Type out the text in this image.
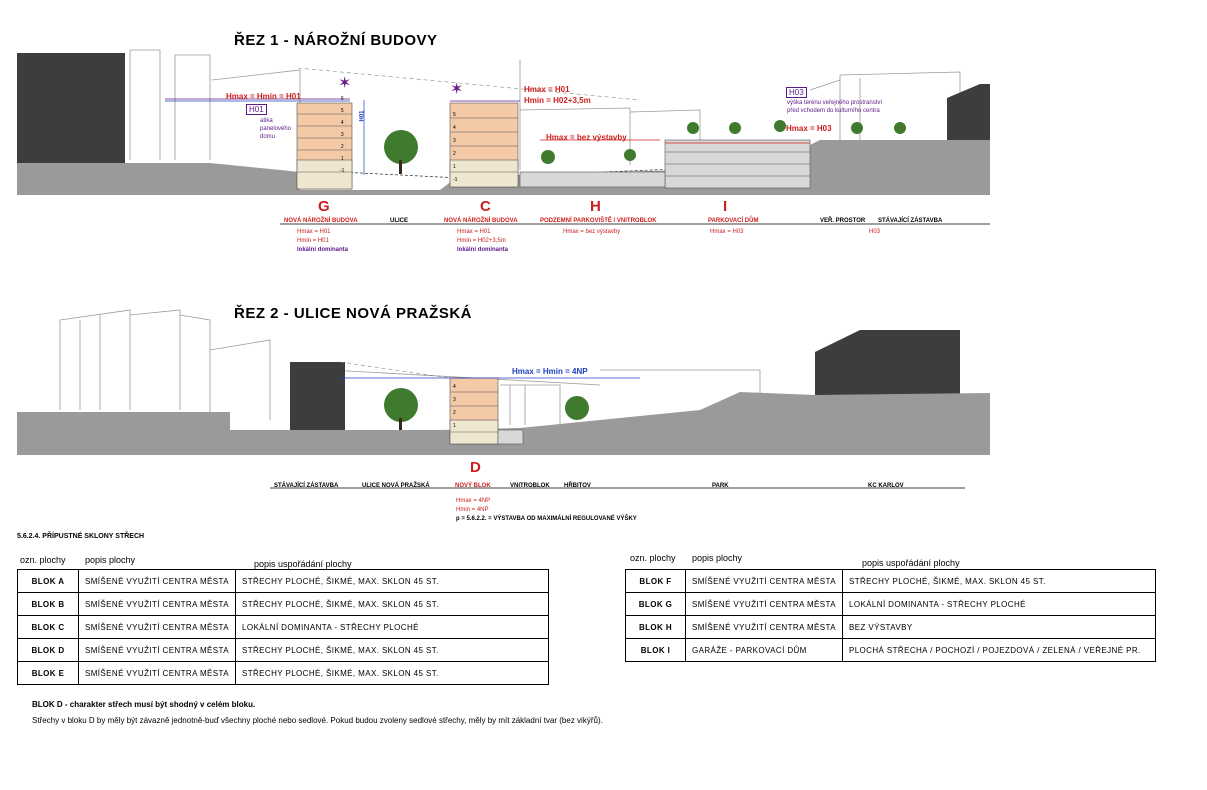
ŘEZ 1 - NÁROŽNÍ BUDOVY
✶	✶
Hmax = Hmin = H01
H01
atika
panelového
domu
H01
Hmax = H01
Hmin = H02+3,5m
Hmax = bez výstavby
H03
výška terénu veřejného prostranství
před vchodem do kulturního centra
Hmax = H03
6
5
4
3
2
1
-1
5
4
3
2
1
-1
G	C	H	I
NOVÁ NÁROŽNÍ BUDOVA	ULICE	NOVÁ NÁROŽNÍ BUDOVA	PODZEMNÍ PARKOVIŠTĚ / VNITROBLOK	PARKOVACÍ DŮM	VEŘ. PROSTOR STÁVAJÍCÍ ZÁSTAVBA
Hmax = H01
Hmin = H01
lokální dominanta
Hmax = H01
Hmin = H02+3,5m
lokální dominanta
Hmax = bez výstavby	Hmax = H03	H03
ŘEZ 2 - ULICE NOVÁ PRAŽSKÁ
Hmax = Hmin = 4NP
4
3
2
1
D
STÁVAJÍCÍ ZÁSTAVBA	ULICE NOVÁ PRAŽSKÁ	NOVÝ BLOK	VNITROBLOK HŘBITOV	PARK	KC KARLOV
Hmax = 4NP
Hmin = 4NP
p = 5.6.2.2. = VÝSTAVBA OD MAXIMÁLNÍ REGULOVANÉ VÝŠKY
5.6.2.4. PŘÍPUSTNÉ SKLONY STŘECH
ozn. plochy popis plochy	popis uspořádání plochy
BLOK A	SMÍŠENÉ VYUŽITÍ CENTRA MĚSTA	STŘECHY PLOCHÉ, ŠIKMÉ, MAX. SKLON 45 ST.
BLOK B	SMÍŠENÉ VYUŽITÍ CENTRA MĚSTA	STŘECHY PLOCHÉ, ŠIKMÉ, MAX. SKLON 45 ST.
BLOK C	SMÍŠENÉ VYUŽITÍ CENTRA MĚSTA	LOKÁLNÍ DOMINANTA - STŘECHY PLOCHÉ
BLOK D	SMÍŠENÉ VYUŽITÍ CENTRA MĚSTA	STŘECHY PLOCHÉ, ŠIKMÉ, MAX. SKLON 45 ST.
BLOK E	SMÍŠENÉ VYUŽITÍ CENTRA MĚSTA	STŘECHY PLOCHÉ, ŠIKMÉ, MAX. SKLON 45 ST.
ozn. plochy popis plochy	popis uspořádání plochy
BLOK F	SMÍŠENÉ VYUŽITÍ CENTRA MĚSTA	STŘECHY PLOCHÉ, ŠIKMÉ, MAX. SKLON 45 ST.
BLOK G	SMÍŠENÉ VYUŽITÍ CENTRA MĚSTA	LOKÁLNÍ DOMINANTA - STŘECHY PLOCHÉ
BLOK H	SMÍŠENÉ VYUŽITÍ CENTRA MĚSTA	BEZ VÝSTAVBY
BLOK I	GARÁŽE - PARKOVACÍ DŮM	PLOCHÁ STŘECHA / POCHOZÍ / POJEZDOVÁ / ZELENÁ / VEŘEJNÉ PR.
BLOK D - charakter střech musí být shodný v celém bloku.
Střechy v bloku D by měly být závazně jednotně-buď všechny ploché nebo sedlové. Pokud budou zvoleny sedlové střechy, měly by mít základní tvar (bez vikýřů).
